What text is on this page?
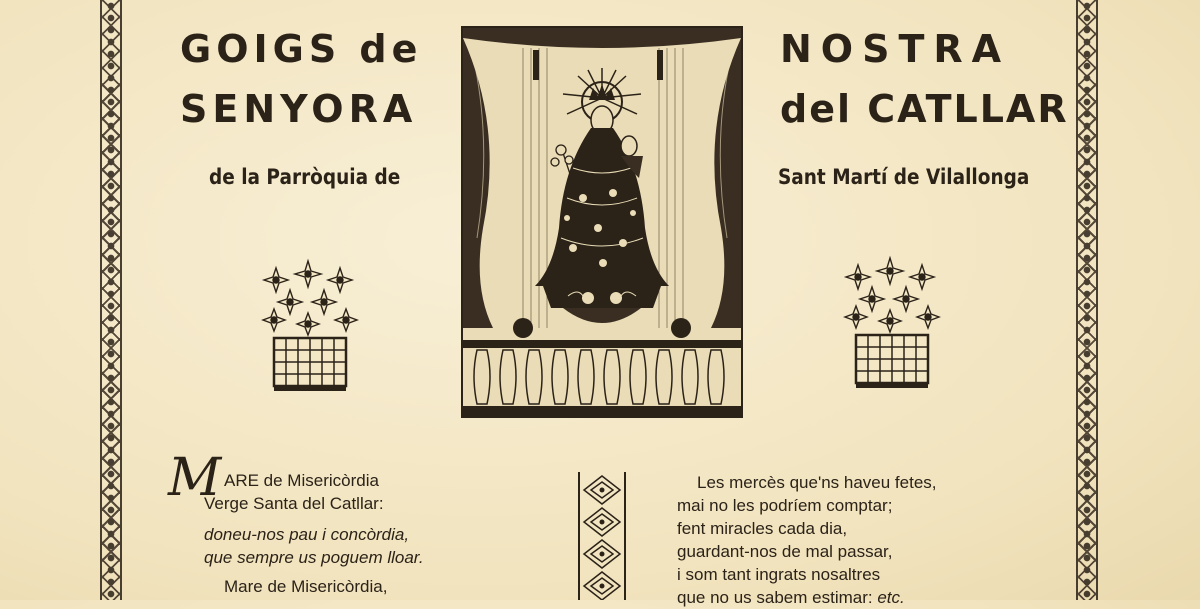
GOIGS de
SENYORA
NOSTRA
del CATLLAR
de la Parròquia de	Sant Martí de Vilallonga
M ARE de Misericòrdia
Verge Santa del Catllar:
doneu-nos pau i concòrdia,
que sempre us poguem lloar.
Mare de Misericòrdia,
Les mercès que'ns haveu fetes,
mai no les podríem comptar;
fent miracles cada dia,
guardant-nos de mal passar,
i som tant ingrats nosaltres
que no us sabem estimar: etc.
